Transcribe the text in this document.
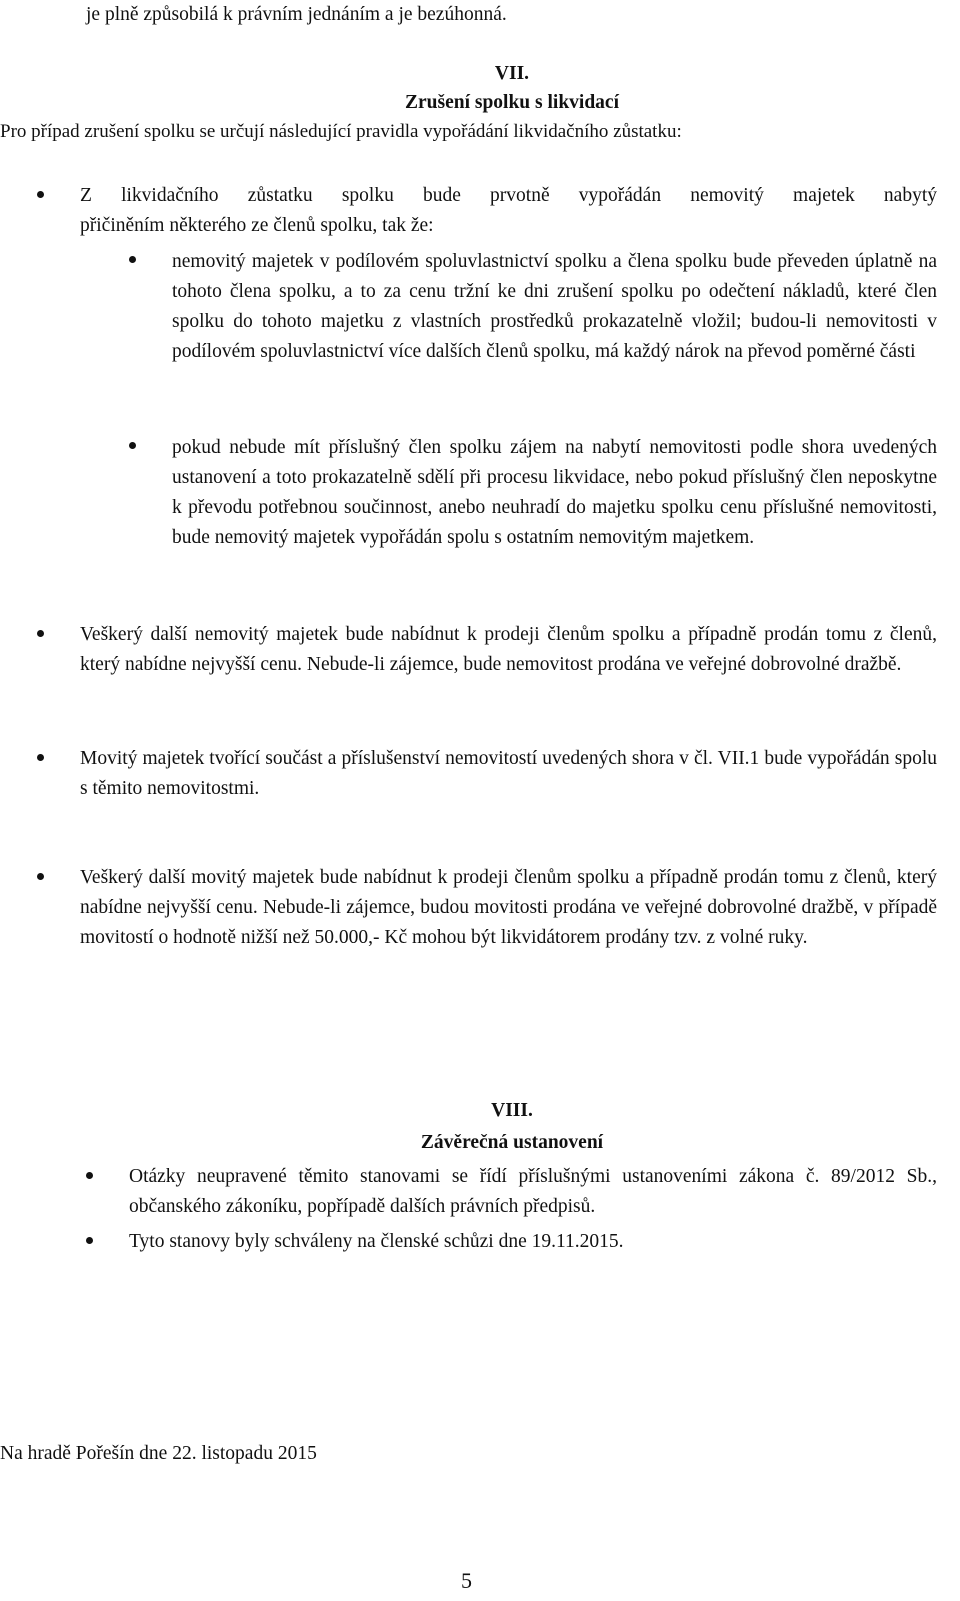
je plně způsobilá k právním jednáním a je bezúhonná.
VII.
Zrušení spolku s likvidací
Pro případ zrušení spolku se určují následující pravidla vypořádání likvidačního zůstatku:
Z likvidačního zůstatku spolku bude prvotně vypořádán nemovitý majetek nabytý
přičiněním některého ze členů spolku, tak že:
nemovitý majetek v podílovém spoluvlastnictví spolku a člena spolku bude převeden úplatně na tohoto člena spolku, a to za cenu tržní ke dni zrušení spolku po odečtení nákladů, které člen spolku do tohoto majetku z vlastních prostředků prokazatelně vložil; budou-li nemovitosti v podílovém spoluvlastnictví více dalších členů spolku, má každý nárok na převod poměrné části
pokud nebude mít příslušný člen spolku zájem na nabytí nemovitosti podle shora uvedených ustanovení a toto prokazatelně sdělí při procesu likvidace, nebo pokud příslušný člen neposkytne k převodu potřebnou součinnost, anebo neuhradí do majetku spolku cenu příslušné nemovitosti, bude nemovitý majetek vypořádán spolu s ostatním nemovitým majetkem.
Veškerý další nemovitý majetek bude nabídnut k prodeji členům spolku a případně prodán tomu z členů, který nabídne nejvyšší cenu. Nebude-li zájemce, bude nemovitost prodána ve veřejné dobrovolné dražbě.
Movitý majetek tvořící součást a příslušenství nemovitostí uvedených shora v čl. VII.1 bude vypořádán spolu s těmito nemovitostmi.
Veškerý další movitý majetek bude nabídnut k prodeji členům spolku a případně prodán tomu z členů, který nabídne nejvyšší cenu. Nebude-li zájemce, budou movitosti prodána ve veřejné dobrovolné dražbě, v případě movitostí o hodnotě nižší než 50.000,- Kč mohou být likvidátorem prodány tzv. z volné ruky.
VIII.
Závěrečná ustanovení
Otázky neupravené těmito stanovami se řídí příslušnými ustanoveními zákona č. 89/2012 Sb., občanského zákoníku, popřípadě dalších právních předpisů.
Tyto stanovy byly schváleny na členské schůzi dne 19.11.2015.
Na hradě Pořešín dne 22. listopadu 2015
5
